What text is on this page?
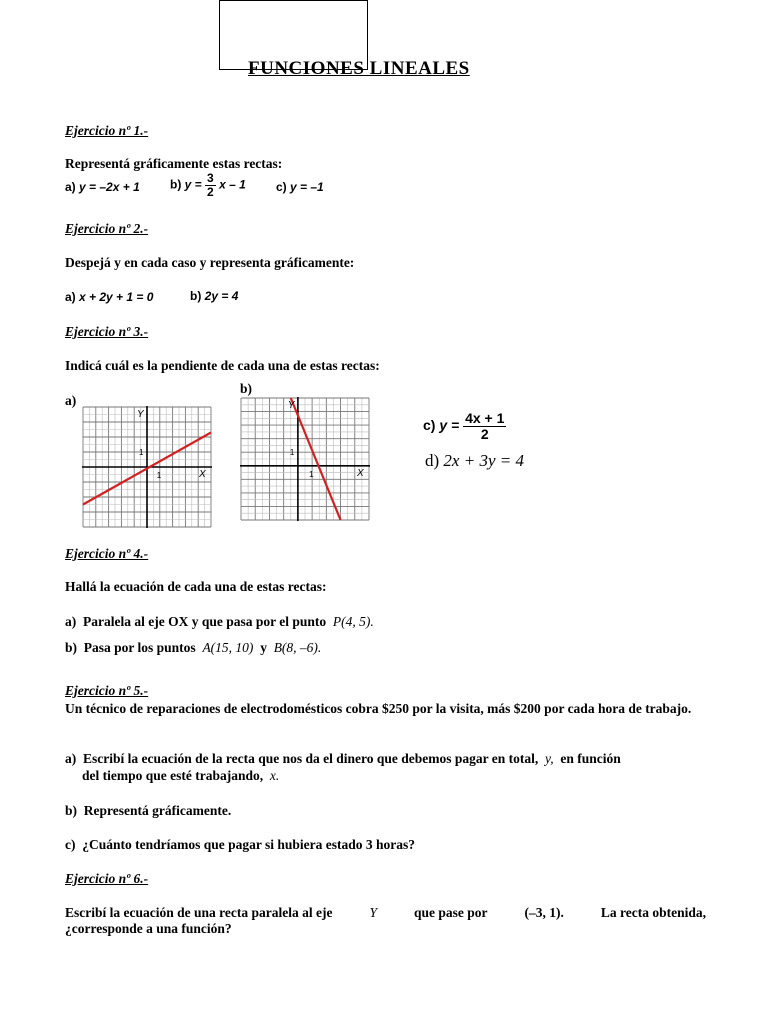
FUNCIONES LINEALES
Ejercicio nº 1.-
Representá gráficamente estas rectas:
a) y = –2x + 1	b) $y = \frac{3}{2}$ x – 1	c) y = –1
Ejercicio nº 2.-
Despejá y en cada caso y representa gráficamente:
a) x + 2y + 1 = 0	b) 2y = 4
Ejercicio nº 3.-
Indicá cuál es la pendiente de cada una de estas rectas:
a)
b)
X
Y
1
1
X
Y
1
1
c) $y = \frac{4x + 1}{2}$
d) 2x + 3y = 4
Ejercicio nº 4.-
Hallá la ecuación de cada una de estas rectas:
a) Paralela al eje OX y que pasa por el punto P(4, 5).
b) Pasa por los puntos A(15, 10) y B(8, –6).
Ejercicio nº 5.-
Un técnico de reparaciones de electrodomésticos cobra $250 por la visita, más $200 por cada hora de trabajo.
a) Escribí la ecuación de la recta que nos da el dinero que debemos pagar en total, y, en función
del tiempo que esté trabajando, x.
b) Representá gráficamente.
c) ¿Cuánto tendríamos que pagar si hubiera estado 3 horas?
Ejercicio nº 6.-
Escribí la ecuación de una recta paralela al eje	Y	que pase por	(–3, 1).	La recta obtenida,
¿corresponde a una función?
